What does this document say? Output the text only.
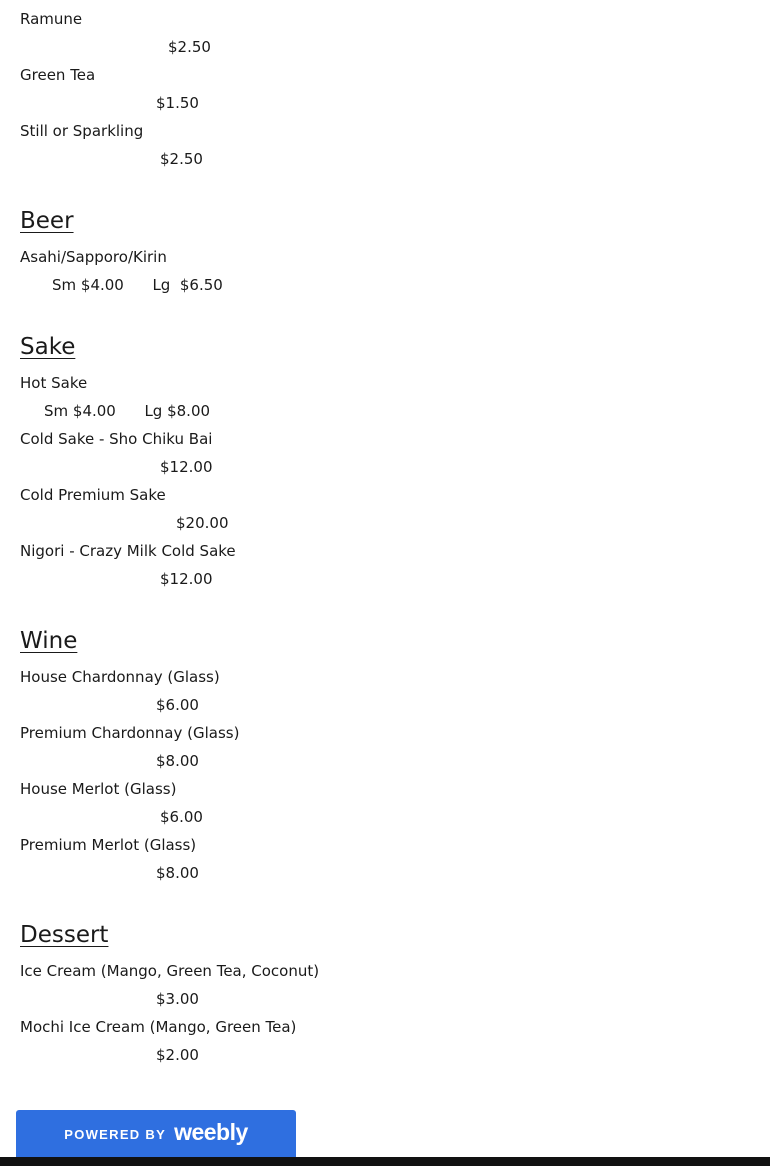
Ramune
$2.50
Green Tea
$1.50
Still or Sparkling
$2.50
Beer
Asahi/Sapporo/Kirin
Sm $4.00      Lg  $6.50
Sake
Hot Sake
Sm $4.00      Lg $8.00
Cold Sake - Sho Chiku Bai
$12.00
Cold Premium Sake
$20.00
Nigori - Crazy Milk Cold Sake
$12.00
Wine
House Chardonnay (Glass)
$6.00
Premium Chardonnay (Glass)
$8.00
House Merlot (Glass)
$6.00
Premium Merlot (Glass)
$8.00
Dessert
Ice Cream (Mango, Green Tea, Coconut)
$3.00
Mochi Ice Cream (Mango, Green Tea)
$2.00
POWERED BY weebly
